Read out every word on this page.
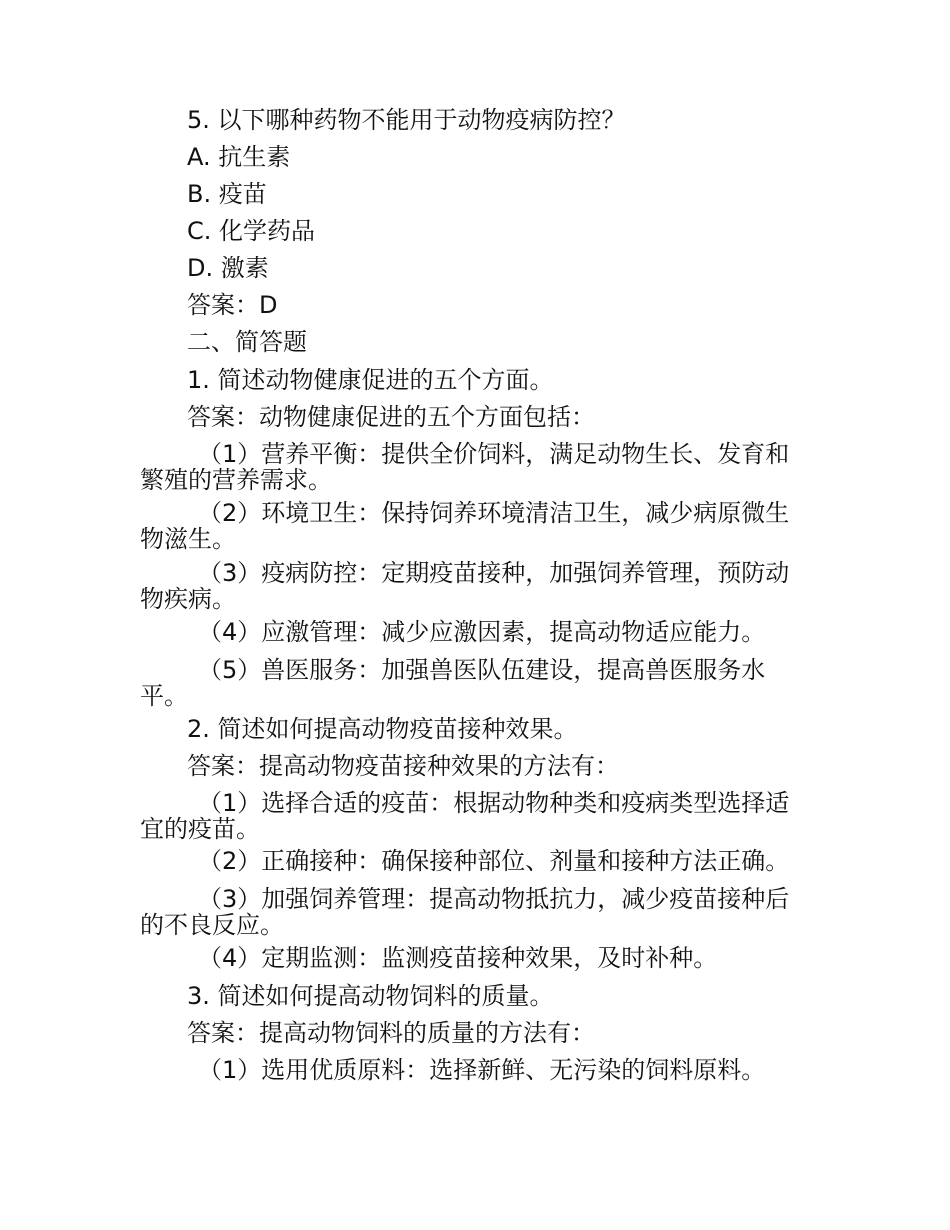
5. 以下哪种药物不能用于动物疫病防控？
A. 抗生素
B. 疫苗
C. 化学药品
D. 激素
答案：D
二、简答题
1. 简述动物健康促进的五个方面。
答案：动物健康促进的五个方面包括：
（1）营养平衡：提供全价饲料，满足动物生长、发育和繁殖的营养需求。
（2）环境卫生：保持饲养环境清洁卫生，减少病原微生物滋生。
（3）疫病防控：定期疫苗接种，加强饲养管理，预防动物疾病。
（4）应激管理：减少应激因素，提高动物适应能力。
（5）兽医服务：加强兽医队伍建设，提高兽医服务水平。
2. 简述如何提高动物疫苗接种效果。
答案：提高动物疫苗接种效果的方法有：
（1）选择合适的疫苗：根据动物种类和疫病类型选择适宜的疫苗。
（2）正确接种：确保接种部位、剂量和接种方法正确。
（3）加强饲养管理：提高动物抵抗力，减少疫苗接种后的不良反应。
（4）定期监测：监测疫苗接种效果，及时补种。
3. 简述如何提高动物饲料的质量。
答案：提高动物饲料的质量的方法有：
（1）选用优质原料：选择新鲜、无污染的饲料原料。
